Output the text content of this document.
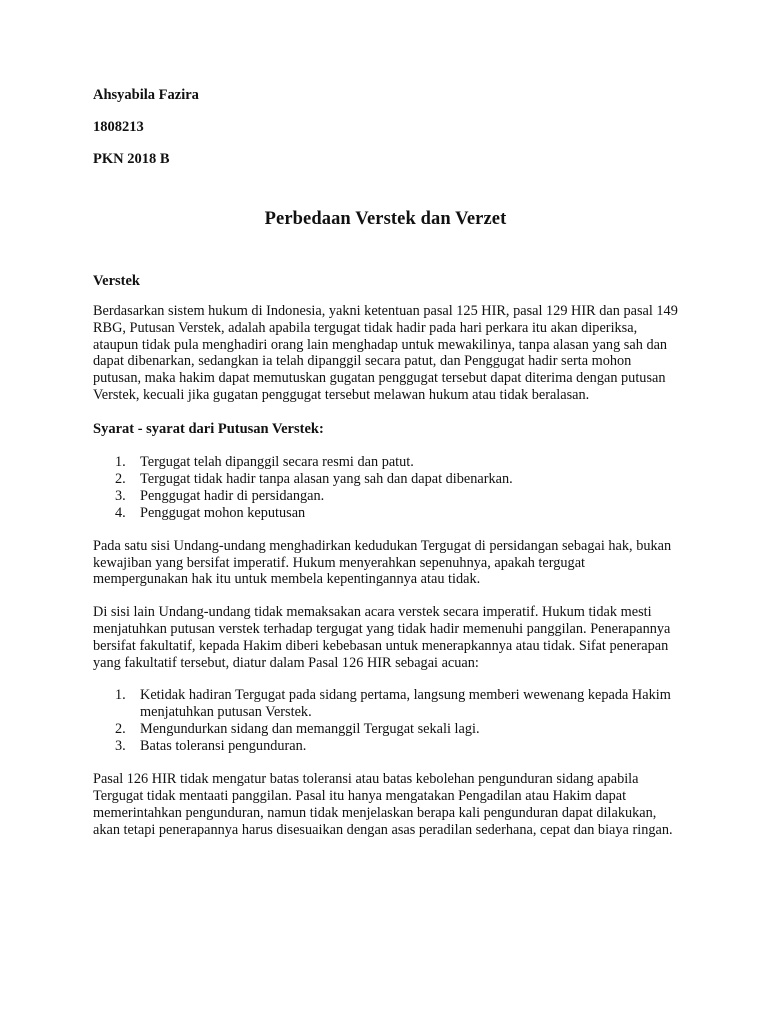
Ahsyabila Fazira
1808213
PKN 2018 B
Perbedaan Verstek dan Verzet
Verstek

Berdasarkan sistem hukum di Indonesia, yakni ketentuan pasal 125 HIR, pasal 129 HIR dan pasal 149 RBG, Putusan Verstek, adalah apabila tergugat tidak hadir pada hari perkara itu akan diperiksa, ataupun tidak pula menghadiri orang lain menghadap untuk mewakilinya, tanpa alasan yang sah dan dapat dibenarkan, sedangkan ia telah dipanggil secara patut, dan Penggugat hadir serta mohon putusan, maka hakim dapat memutuskan gugatan penggugat tersebut dapat diterima dengan putusan Verstek, kecuali jika gugatan penggugat tersebut melawan hukum atau tidak beralasan.

Syarat - syarat dari Putusan Verstek:
1. Tergugat telah dipanggil secara resmi dan patut.
2. Tergugat tidak hadir tanpa alasan yang sah dan dapat dibenarkan.
3. Penggugat hadir di persidangan.
4. Penggugat mohon keputusan

Pada satu sisi Undang-undang menghadirkan kedudukan Tergugat di persidangan sebagai hak, bukan kewajiban yang bersifat imperatif. Hukum menyerahkan sepenuhnya, apakah tergugat mempergunakan hak itu untuk membela kepentingannya atau tidak.

Di sisi lain Undang-undang tidak memaksakan acara verstek secara imperatif. Hukum tidak mesti menjatuhkan putusan verstek terhadap tergugat yang tidak hadir memenuhi panggilan. Penerapannya bersifat fakultatif, kepada Hakim diberi kebebasan untuk menerapkannya atau tidak. Sifat penerapan yang fakultatif tersebut, diatur dalam Pasal 126 HIR sebagai acuan:

1. Ketidak hadiran Tergugat pada sidang pertama, langsung memberi wewenang kepada Hakim menjatuhkan putusan Verstek.
2. Mengundurkan sidang dan memanggil Tergugat sekali lagi.
3. Batas toleransi pengunduran.

Pasal 126 HIR tidak mengatur batas toleransi atau batas kebolehan pengunduran sidang apabila Tergugat tidak mentaati panggilan. Pasal itu hanya mengatakan Pengadilan atau Hakim dapat memerintahkan pengunduran, namun tidak menjelaskan berapa kali pengunduran dapat dilakukan, akan tetapi penerapannya harus disesuaikan dengan asas peradilan sederhana, cepat dan biaya ringan.
